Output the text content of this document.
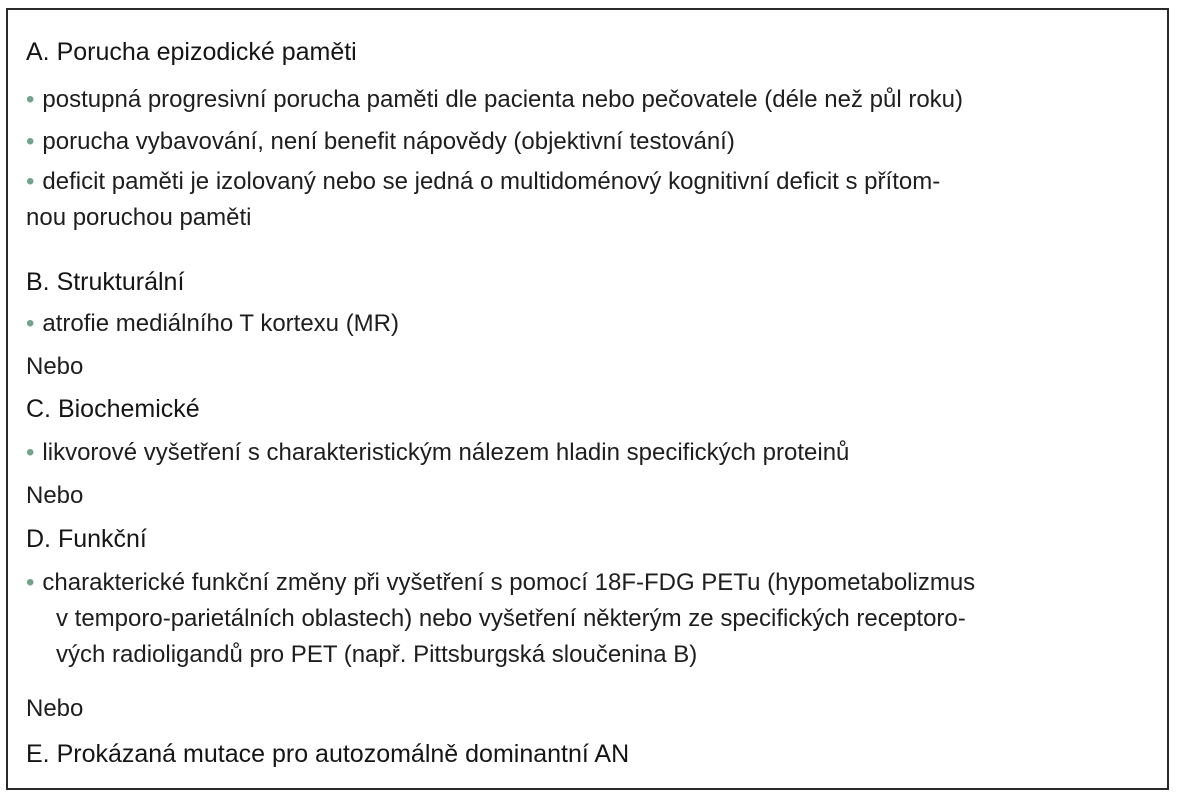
A. Porucha epizodické paměti
• postupná progresivní porucha paměti dle pacienta nebo pečovatele (déle než půl roku)
• porucha vybavování, není benefit nápovědy (objektivní testování)
• deficit paměti je izolovaný nebo se jedná o multidoménový kognitivní deficit s přítom-
nou poruchou paměti
B. Strukturální
• atrofie mediálního T kortexu (MR)
Nebo
C. Biochemické
• likvorové vyšetření s charakteristickým nálezem hladin specifických proteinů
Nebo
D. Funkční
• charakterické funkční změny při vyšetření s pomocí 18F-FDG PETu (hypometabolizmus
v temporo-parietálních oblastech) nebo vyšetření některým ze specifických receptoro-
vých radioligandů pro PET (např. Pittsburgská sloučenina B)
Nebo
E. Prokázaná mutace pro autozomálně dominantní AN
